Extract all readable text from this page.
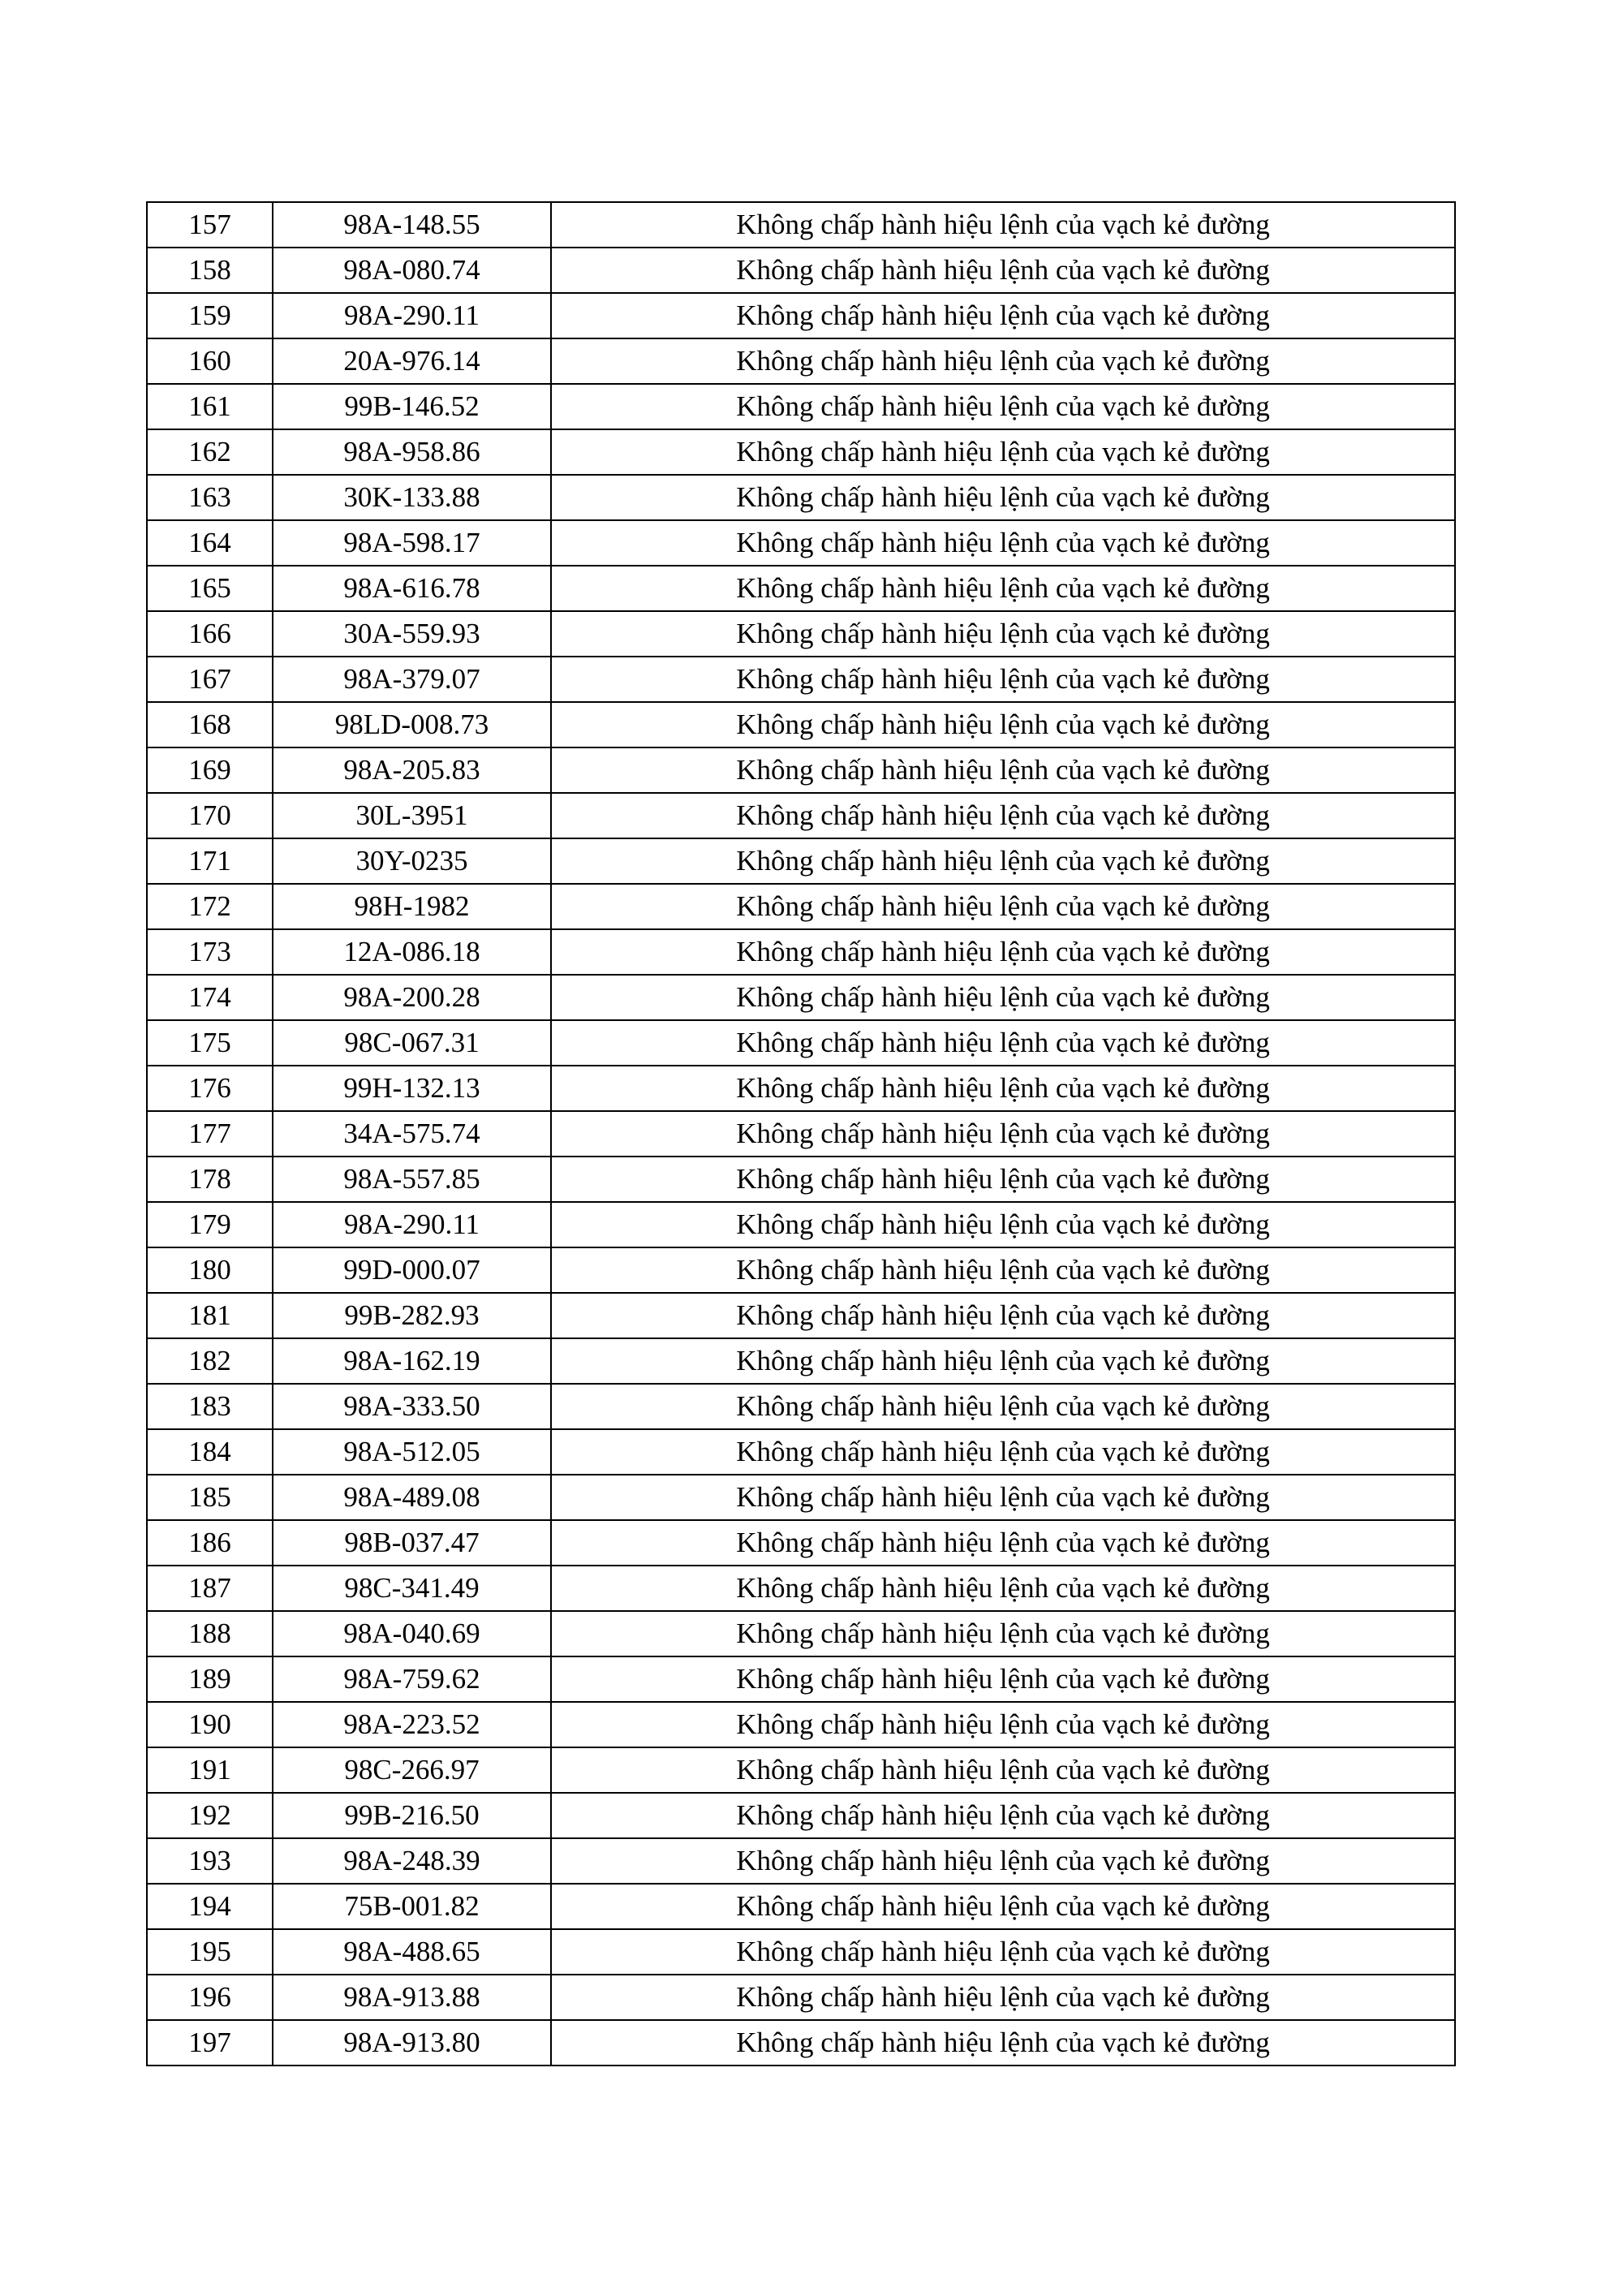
157	98A-148.55	Không chấp hành hiệu lệnh của vạch kẻ đường
158	98A-080.74	Không chấp hành hiệu lệnh của vạch kẻ đường
159	98A-290.11	Không chấp hành hiệu lệnh của vạch kẻ đường
160	20A-976.14	Không chấp hành hiệu lệnh của vạch kẻ đường
161	99B-146.52	Không chấp hành hiệu lệnh của vạch kẻ đường
162	98A-958.86	Không chấp hành hiệu lệnh của vạch kẻ đường
163	30K-133.88	Không chấp hành hiệu lệnh của vạch kẻ đường
164	98A-598.17	Không chấp hành hiệu lệnh của vạch kẻ đường
165	98A-616.78	Không chấp hành hiệu lệnh của vạch kẻ đường
166	30A-559.93	Không chấp hành hiệu lệnh của vạch kẻ đường
167	98A-379.07	Không chấp hành hiệu lệnh của vạch kẻ đường
168	98LD-008.73	Không chấp hành hiệu lệnh của vạch kẻ đường
169	98A-205.83	Không chấp hành hiệu lệnh của vạch kẻ đường
170	30L-3951	Không chấp hành hiệu lệnh của vạch kẻ đường
171	30Y-0235	Không chấp hành hiệu lệnh của vạch kẻ đường
172	98H-1982	Không chấp hành hiệu lệnh của vạch kẻ đường
173	12A-086.18	Không chấp hành hiệu lệnh của vạch kẻ đường
174	98A-200.28	Không chấp hành hiệu lệnh của vạch kẻ đường
175	98C-067.31	Không chấp hành hiệu lệnh của vạch kẻ đường
176	99H-132.13	Không chấp hành hiệu lệnh của vạch kẻ đường
177	34A-575.74	Không chấp hành hiệu lệnh của vạch kẻ đường
178	98A-557.85	Không chấp hành hiệu lệnh của vạch kẻ đường
179	98A-290.11	Không chấp hành hiệu lệnh của vạch kẻ đường
180	99D-000.07	Không chấp hành hiệu lệnh của vạch kẻ đường
181	99B-282.93	Không chấp hành hiệu lệnh của vạch kẻ đường
182	98A-162.19	Không chấp hành hiệu lệnh của vạch kẻ đường
183	98A-333.50	Không chấp hành hiệu lệnh của vạch kẻ đường
184	98A-512.05	Không chấp hành hiệu lệnh của vạch kẻ đường
185	98A-489.08	Không chấp hành hiệu lệnh của vạch kẻ đường
186	98B-037.47	Không chấp hành hiệu lệnh của vạch kẻ đường
187	98C-341.49	Không chấp hành hiệu lệnh của vạch kẻ đường
188	98A-040.69	Không chấp hành hiệu lệnh của vạch kẻ đường
189	98A-759.62	Không chấp hành hiệu lệnh của vạch kẻ đường
190	98A-223.52	Không chấp hành hiệu lệnh của vạch kẻ đường
191	98C-266.97	Không chấp hành hiệu lệnh của vạch kẻ đường
192	99B-216.50	Không chấp hành hiệu lệnh của vạch kẻ đường
193	98A-248.39	Không chấp hành hiệu lệnh của vạch kẻ đường
194	75B-001.82	Không chấp hành hiệu lệnh của vạch kẻ đường
195	98A-488.65	Không chấp hành hiệu lệnh của vạch kẻ đường
196	98A-913.88	Không chấp hành hiệu lệnh của vạch kẻ đường
197	98A-913.80	Không chấp hành hiệu lệnh của vạch kẻ đường
